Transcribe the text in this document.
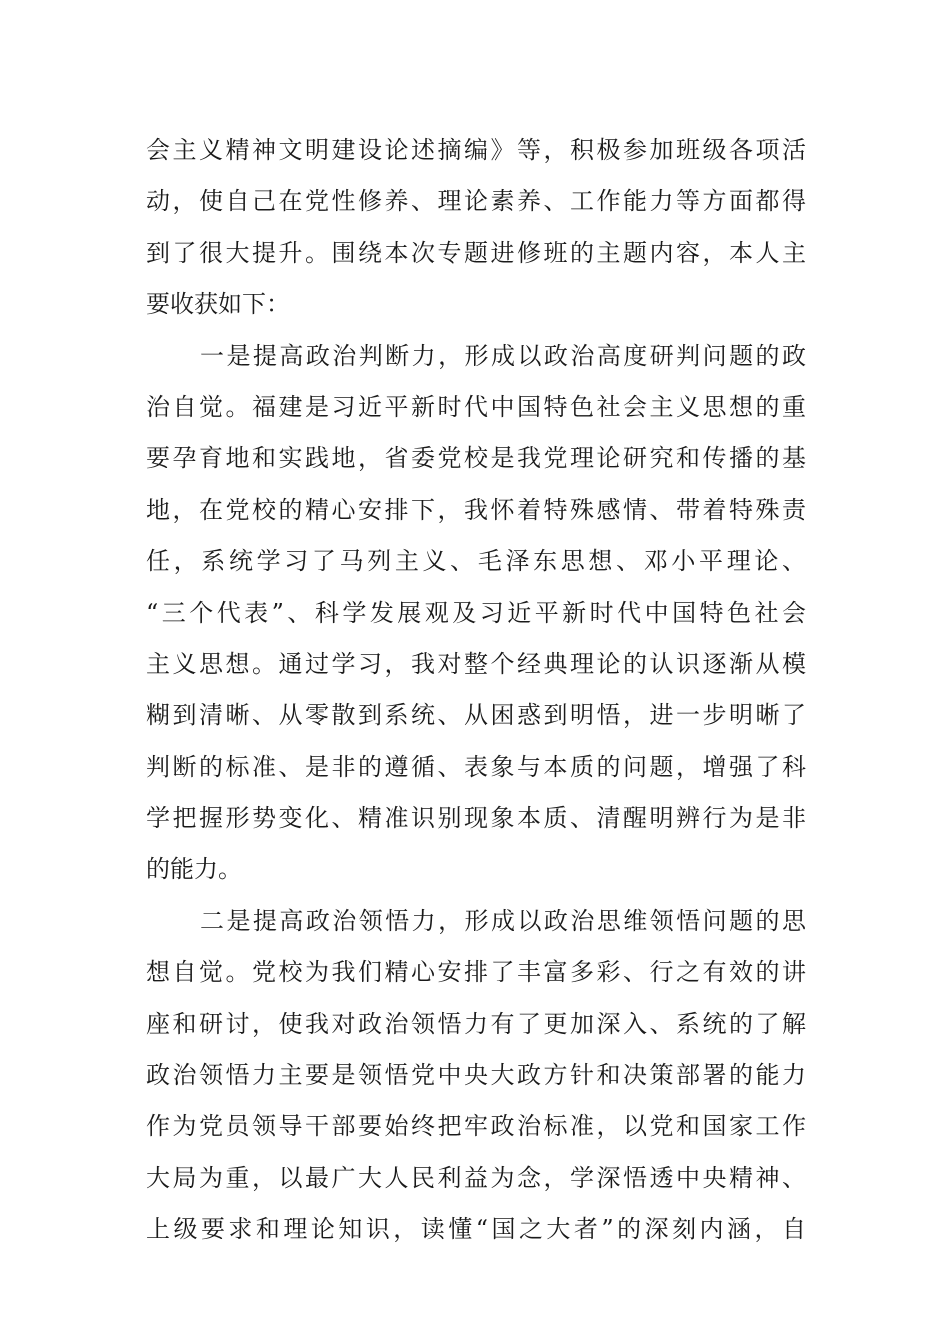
会主义精神文明建设论述摘编》等，积极参加班级各项活
动，使自己在党性修养、理论素养、工作能力等方面都得
到了很大提升。围绕本次专题进修班的主题内容，本人主
要收获如下：
一是提高政治判断力，形成以政治高度研判问题的政
治自觉。福建是习近平新时代中国特色社会主义思想的重
要孕育地和实践地，省委党校是我党理论研究和传播的基
地，在党校的精心安排下，我怀着特殊感情、带着特殊责
任，系统学习了马列主义、毛泽东思想、邓小平理论、
“三个代表”、科学发展观及习近平新时代中国特色社会
主义思想。通过学习，我对整个经典理论的认识逐渐从模
糊到清晰、从零散到系统、从困惑到明悟，进一步明晰了
判断的标准、是非的遵循、表象与本质的问题，增强了科
学把握形势变化、精准识别现象本质、清醒明辨行为是非
的能力。
二是提高政治领悟力，形成以政治思维领悟问题的思
想自觉。党校为我们精心安排了丰富多彩、行之有效的讲
座和研讨，使我对政治领悟力有了更加深入、系统的了解
政治领悟力主要是领悟党中央大政方针和决策部署的能力
作为党员领导干部要始终把牢政治标准，以党和国家工作
大局为重，以最广大人民利益为念，学深悟透中央精神、
上级要求和理论知识，读懂“国之大者”的深刻内涵，自
